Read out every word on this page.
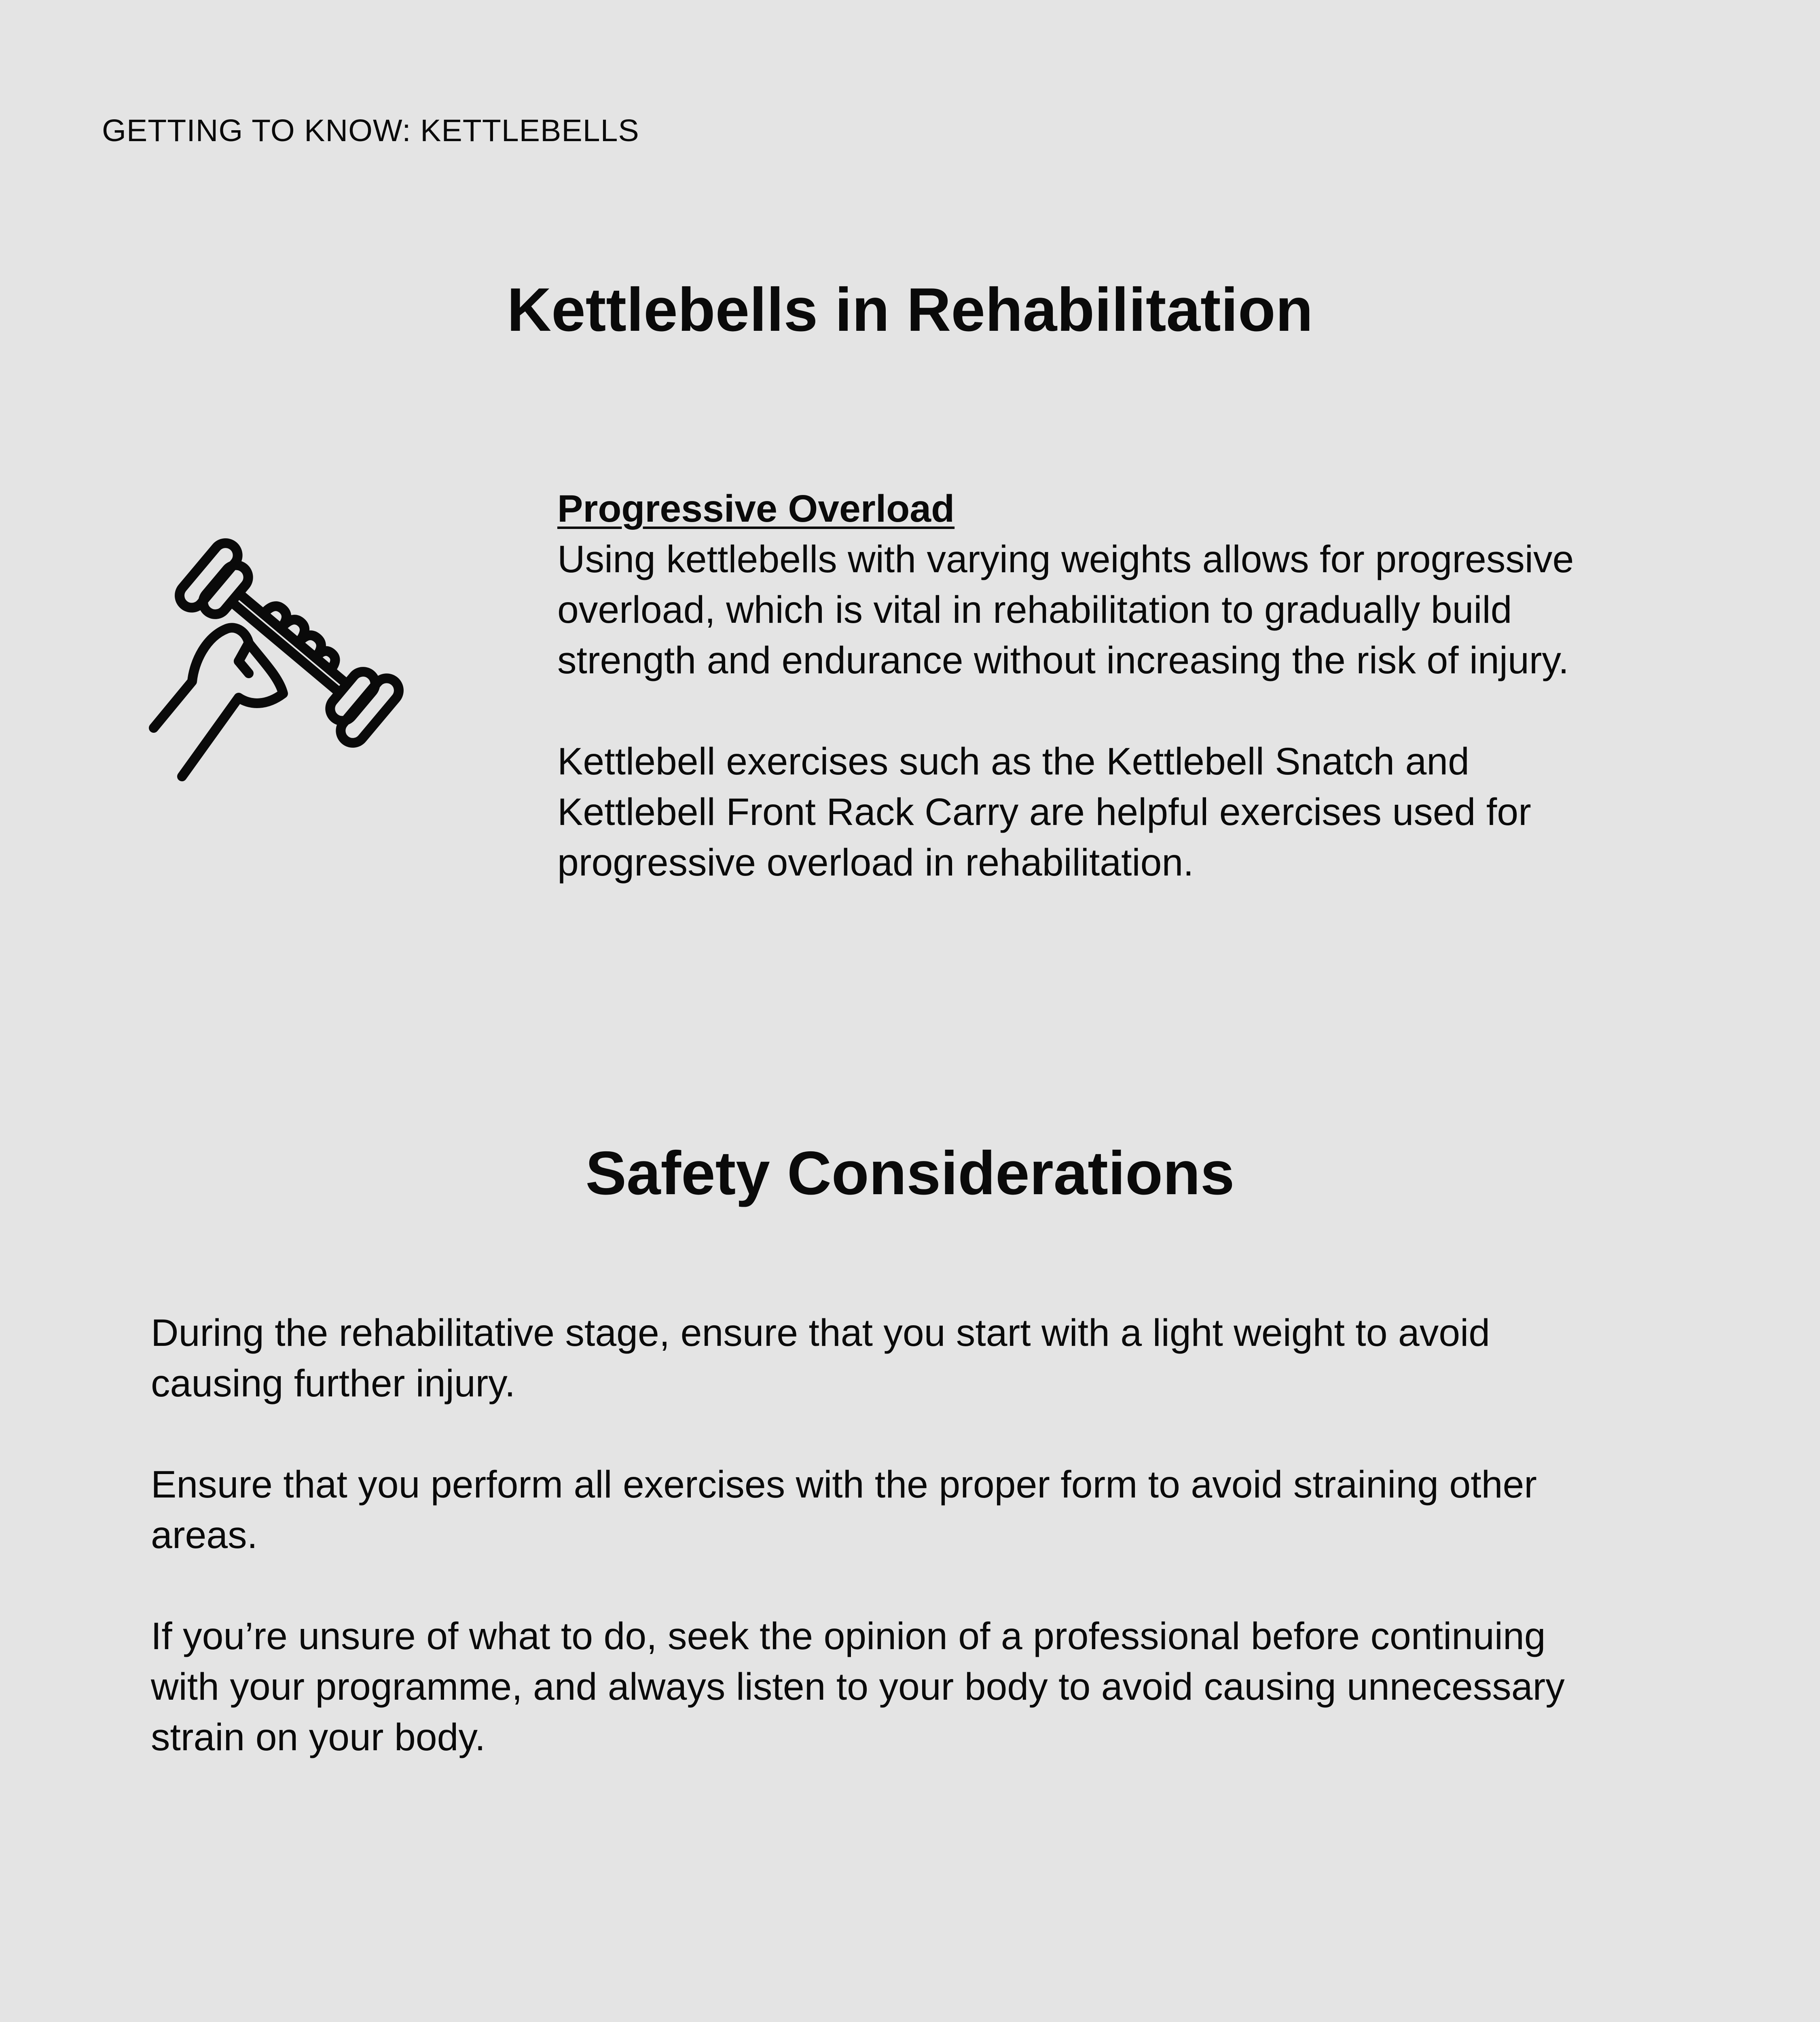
GETTING TO KNOW: KETTLEBELLS
Kettlebells in Rehabilitation
Progressive Overload
Using kettlebells with varying weights allows for progressive
overload, which is vital in rehabilitation to gradually build
strength and endurance without increasing the risk of injury.
Kettlebell exercises such as the Kettlebell Snatch and
Kettlebell Front Rack Carry are helpful exercises used for
progressive overload in rehabilitation.
Safety Considerations
During the rehabilitative stage, ensure that you start with a light weight to avoid
causing further injury.
Ensure that you perform all exercises with the proper form to avoid straining other
areas.
If you’re unsure of what to do, seek the opinion of a professional before continuing
with your programme, and always listen to your body to avoid causing unnecessary
strain on your body.
